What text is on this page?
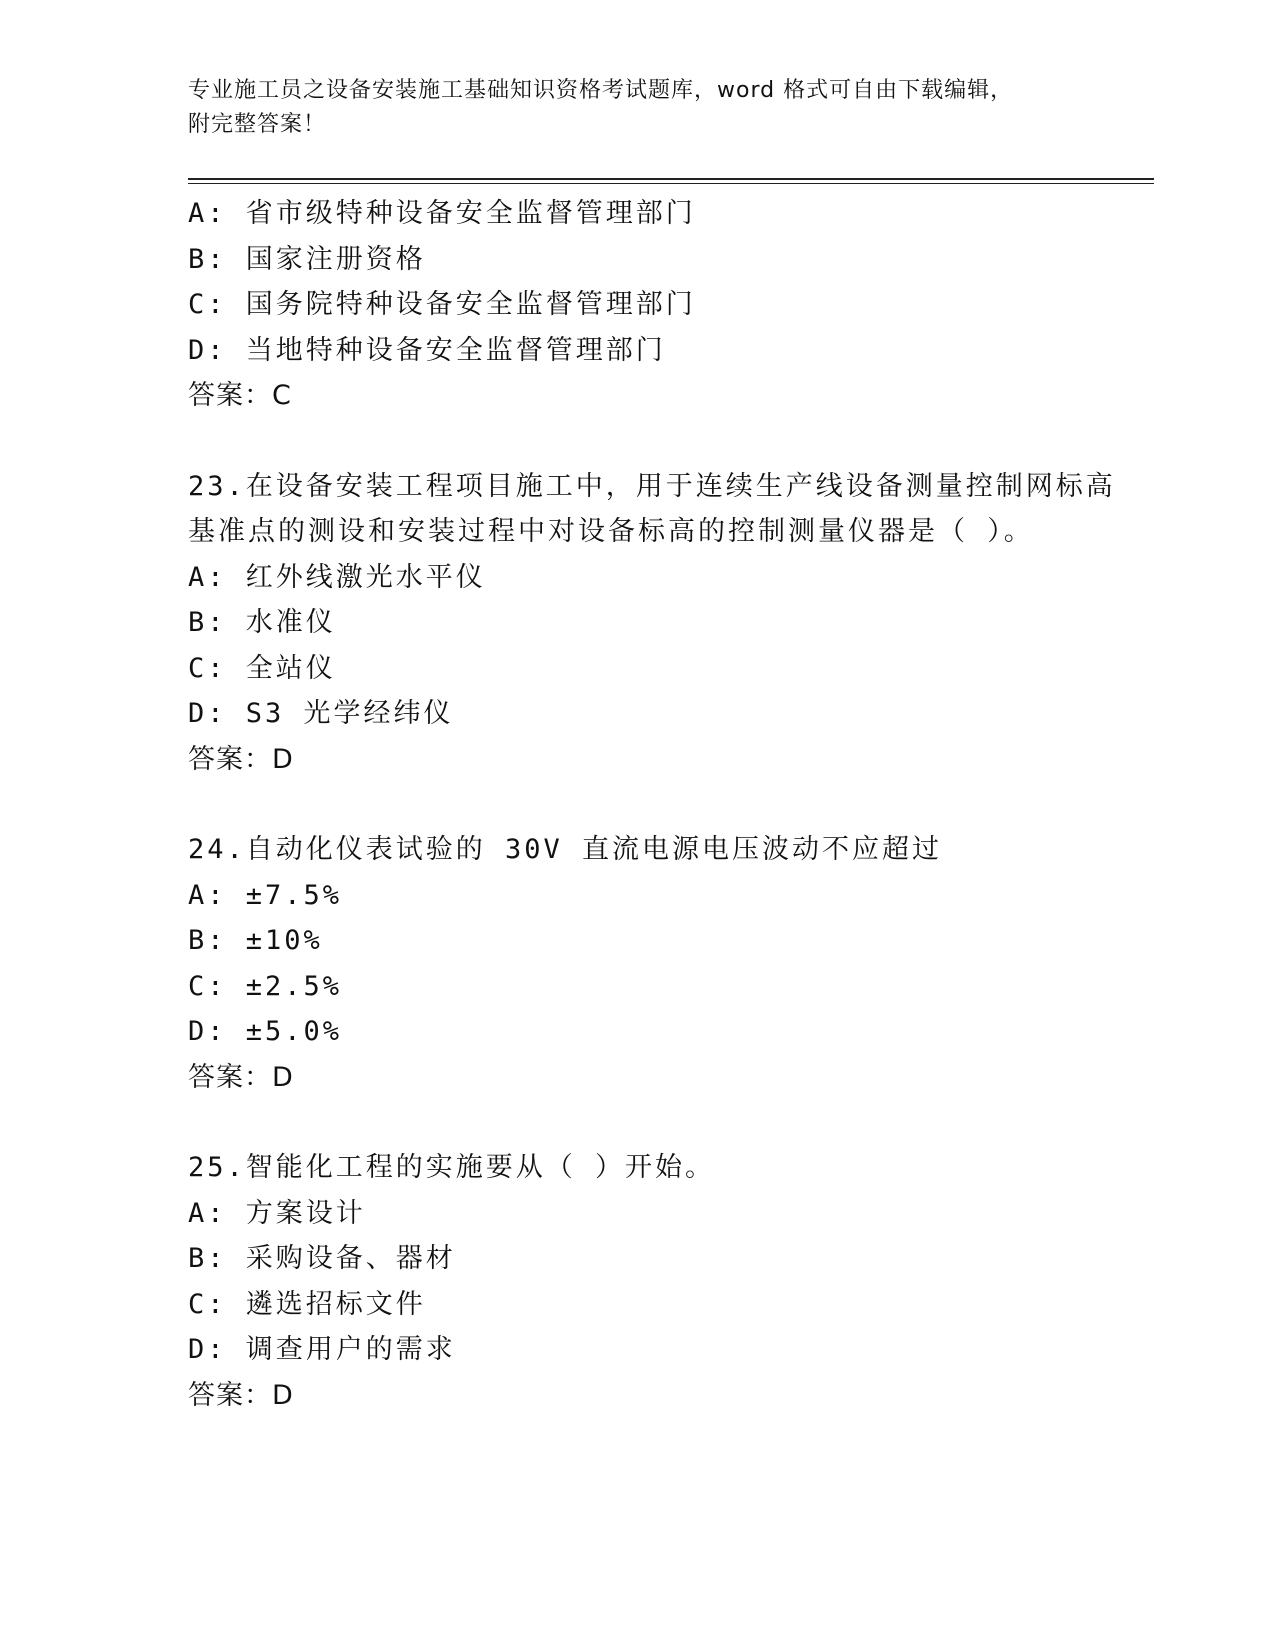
专业施工员之设备安装施工基础知识资格考试题库，word 格式可自由下载编辑，
附完整答案！
A: 省市级特种设备安全监督管理部门
B: 国家注册资格
C: 国务院特种设备安全监督管理部门
D: 当地特种设备安全监督管理部门
答案：C
23.在设备安装工程项目施工中，用于连续生产线设备测量控制网标高
基准点的测设和安装过程中对设备标高的控制测量仪器是（ ）。
A: 红外线激光水平仪
B: 水准仪
C: 全站仪
D: S3 光学经纬仪
答案：D
24.自动化仪表试验的 30V 直流电源电压波动不应超过
A: ±7.5%
B: ±10%
C: ±2.5%
D: ±5.0%
答案：D
25.智能化工程的实施要从（ ）开始。
A: 方案设计
B: 采购设备、器材
C: 遴选招标文件
D: 调查用户的需求
答案：D
